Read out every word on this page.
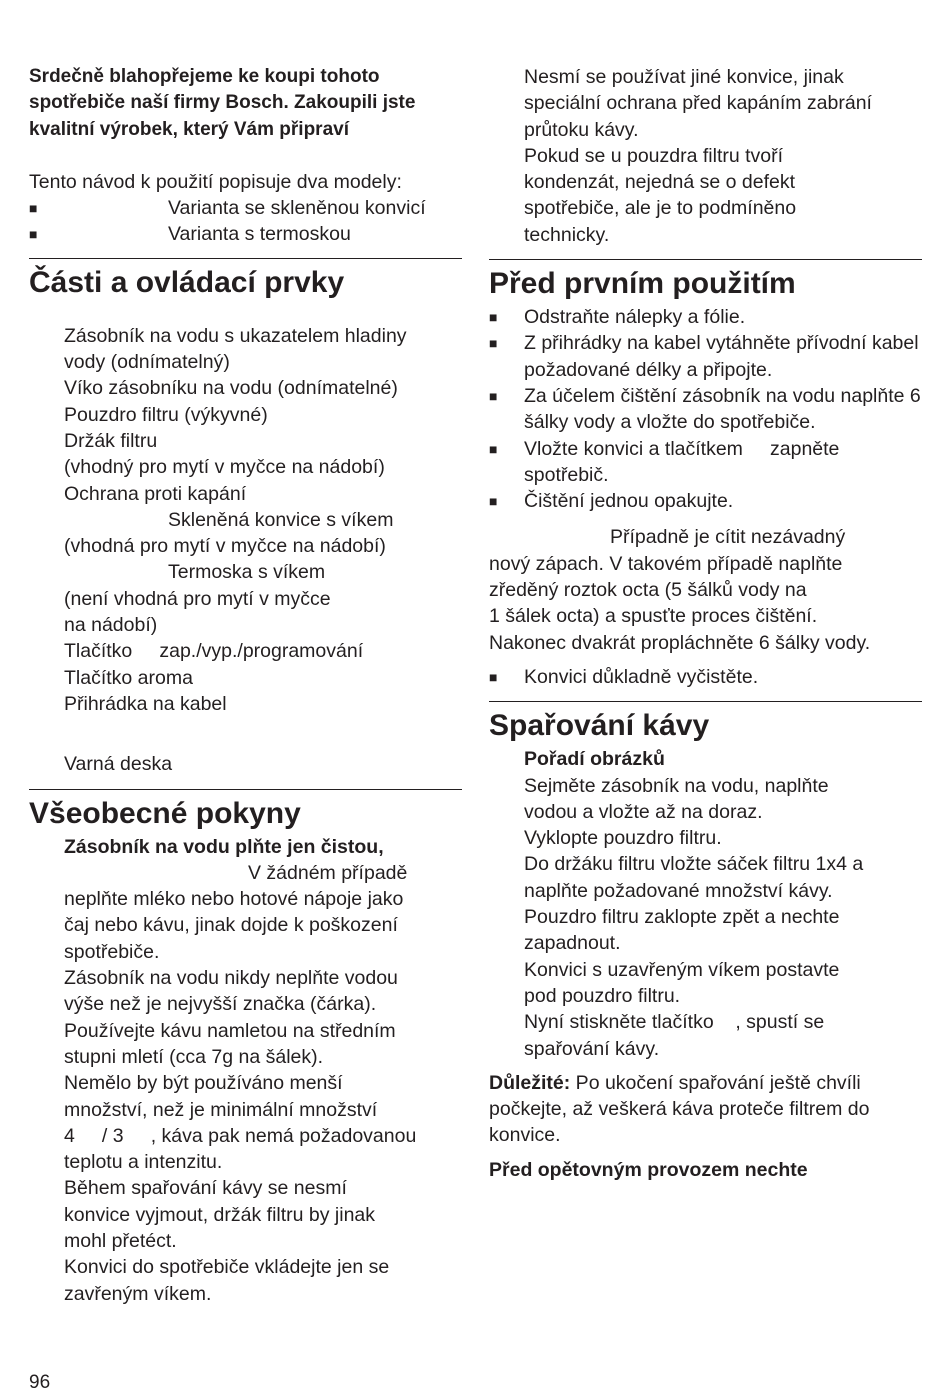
Srdečně blahopřejeme ke koupi tohoto spotřebiče naší firmy Bosch. Zakoupili jste kvalitní výrobek, který Vám připraví

Tento návod k použití popisuje dva modely:

■	Varianta se skleněnou konvicí
■	Varianta s termoskou
Části a ovládací prvky

Zásobník na vodu s ukazatelem hladiny

vody (odnímatelný)

Víko zásobníku na vodu (odnímatelné)

Pouzdro filtru (výkyvné)

Držák filtru

(vhodný pro mytí v myčce na nádobí)

Ochrana proti kapání

Skleněná konvice s víkem

(vhodná pro mytí v myčce na nádobí)

Termoska s víkem

(není vhodná pro mytí v myčce

na nádobí)

Tlačítko     zap./vyp./programování

Tlačítko aroma

Přihrádka na kabel

Varná deska

Všeobecné pokyny

Zásobník na vodu plňte jen čistou,

V žádném případě

neplňte mléko nebo hotové nápoje jako

čaj nebo kávu, jinak dojde k poškození

spotřebiče.

Zásobník na vodu nikdy neplňte vodou

výše než je nejvyšší značka (čárka).

Používejte kávu namletou na středním

stupni mletí (cca 7g na šálek).

Nemělo by být používáno menší

množství, než je minimální množství

4     / 3     , káva pak nemá požadovanou

teplotu a intenzitu.

Během spařování kávy se nesmí

konvice vyjmout, držák filtru by jinak

mohl přetéct.

Konvici do spotřebiče vkládejte jen se

zavřeným víkem.

96

Nesmí se používat jiné konvice, jinak

speciální ochrana před kapáním zabrání

průtoku kávy.

Pokud se u pouzdra filtru tvoří

kondenzát, nejedná se o defekt

spotřebiče, ale je to podmíněno

technicky.

Před prvním použitím
■	Odstraňte nálepky a fólie.
■	Z přihrádky na kabel vytáhněte přívodní kabel požadované délky a připojte.
■	Za účelem čištění zásobník na vodu naplňte 6 šálky vody a vložte do spotřebiče.
■	Vložte konvici a tlačítkem     zapněte spotřebič.
■	Čištění jednou opakujte.

Případně je cítit nezávadný

nový zápach. V takovém případě naplňte

zředěný roztok octa (5 šálků vody na

1 šálek octa) a spusťte proces čištění.

Nakonec dvakrát propláchněte 6 šálky vody.

■	Konvici důkladně vyčistěte.
Spařování kávy

Pořadí obrázků

Sejměte zásobník na vodu, naplňte

vodou a vložte až na doraz.

Vyklopte pouzdro filtru.

Do držáku filtru vložte sáček filtru 1x4 a

naplňte požadované množství kávy.

Pouzdro filtru zaklopte zpět a nechte

zapadnout.

Konvici s uzavřeným víkem postavte

pod pouzdro filtru.

Nyní stiskněte tlačítko    , spustí se

spařování kávy.

Důležité: Po ukočení spařování ještě chvíli počkejte, až veškerá káva proteče filtrem do konvice.

Před opětovným provozem nechte
